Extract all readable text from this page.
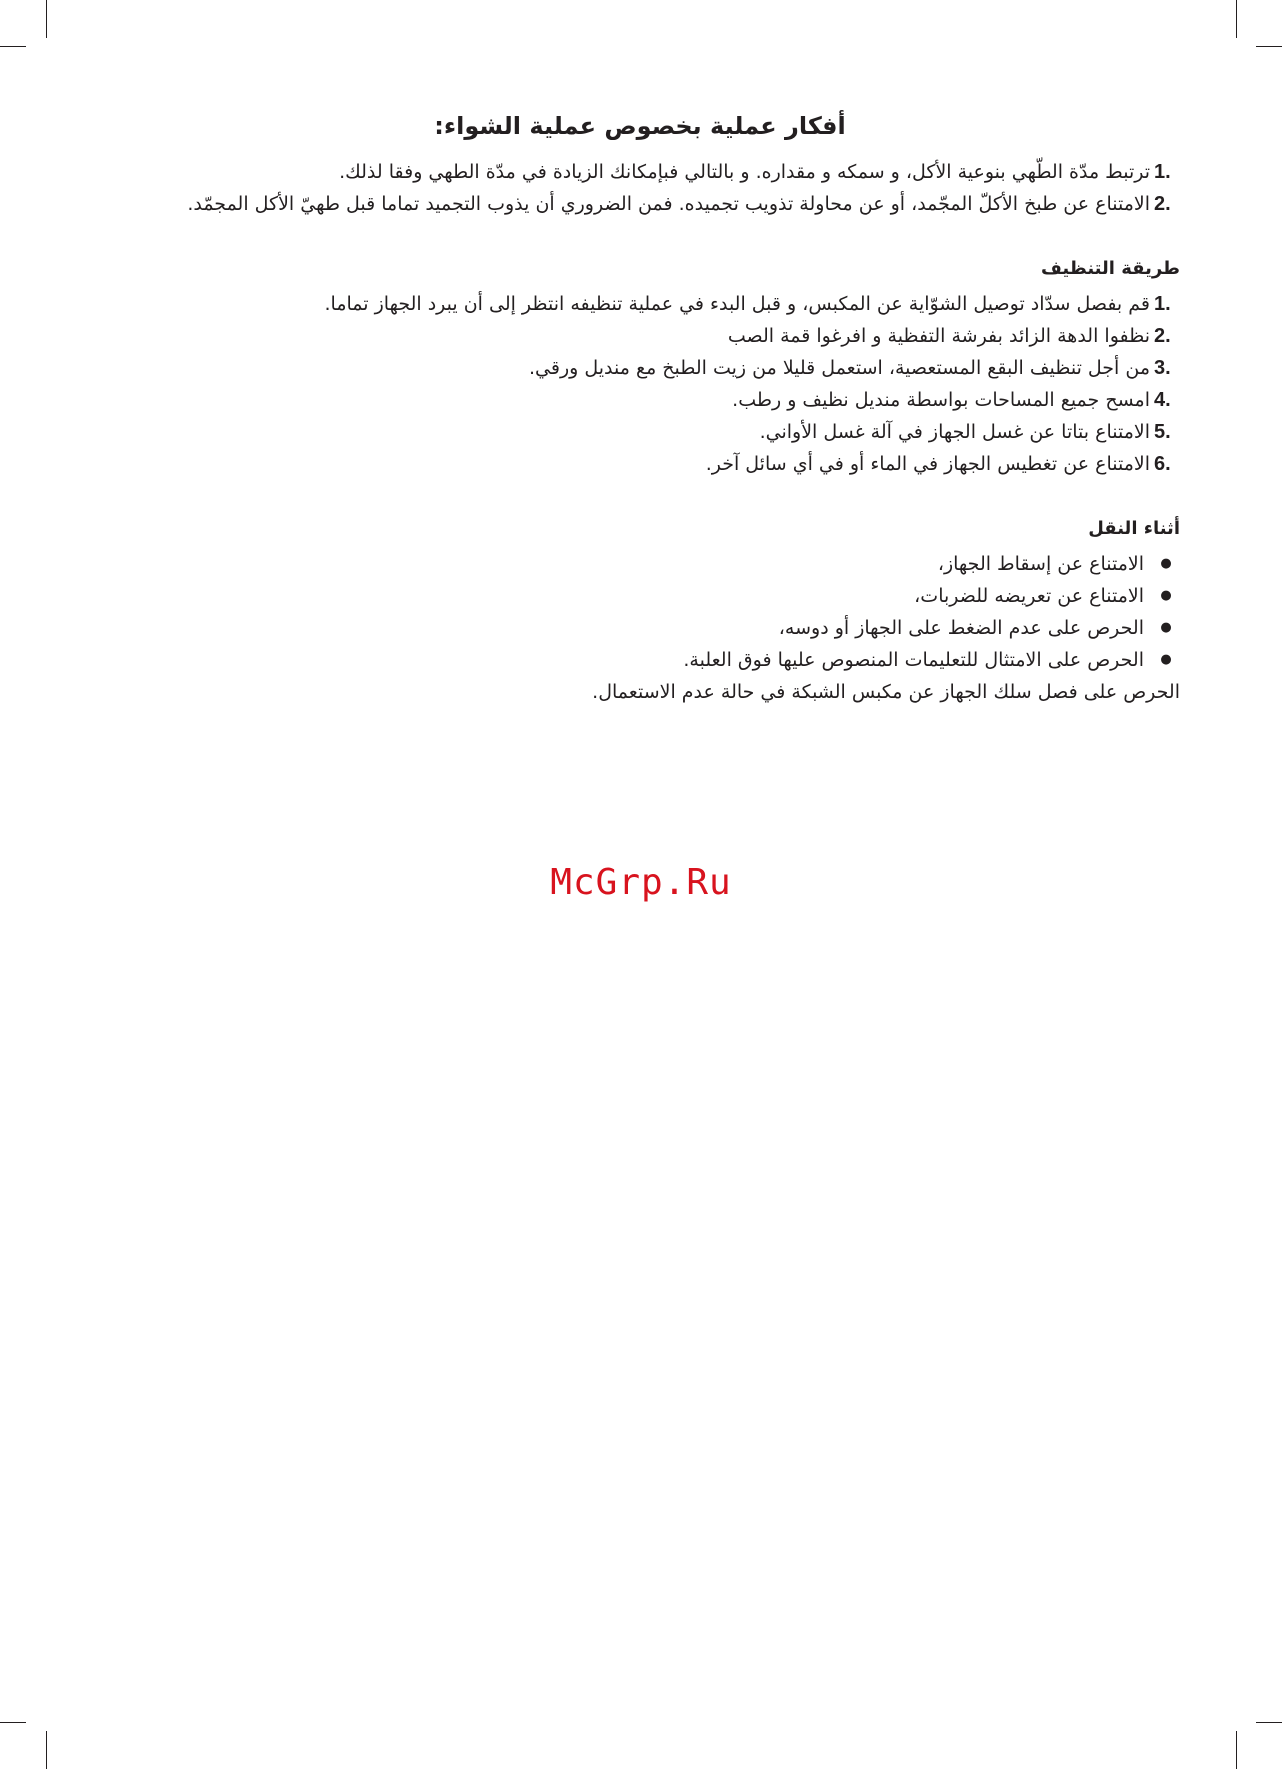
أفكار عملية بخصوص عملية الشواء:
1.
ترتبط مدّة الطّهي بنوعية الأكل، و سمكه و مقداره. و بالتالي فبإمكانك الزيادة في مدّة الطهي وفقا لذلك.
2.
الامتناع عن طبخ الأكلّ المجّمد، أو عن محاولة تذويب تجميده. فمن الضروري أن يذوب التجميد تماما قبل طهيّ الأكل المجمّد.
طريقة التنظيف
1.
قم بفصل سدّاد توصيل الشوّاية عن المكبس، و قبل البدء في عملية تنظيفه انتظر إلى أن يبرد الجهاز تماما.
2.
نظفوا الدهة الزائد بفرشة التفظية و افرغوا قمة الصب
3.
من أجل تنظيف البقع المستعصية، استعمل قليلا من زيت الطبخ مع منديل ورقي.
4.
امسح جميع المساحات بواسطة منديل نظيف و رطب.
5.
الامتناع بتاتا عن غسل الجهاز في آلة غسل الأواني.
6.
الامتناع عن تغطيس الجهاز في الماء أو في أي سائل آخر.
أثناء النقل
●
الامتناع عن إسقاط الجهاز،
●
الامتناع عن تعريضه للضربات،
●
الحرص على عدم الضغط على الجهاز أو دوسه،
●
الحرص على الامتثال للتعليمات المنصوص عليها فوق العلبة.

الحرص على فصل سلك الجهاز عن مكبس الشبكة في حالة عدم الاستعمال.

McGrp.Ru
